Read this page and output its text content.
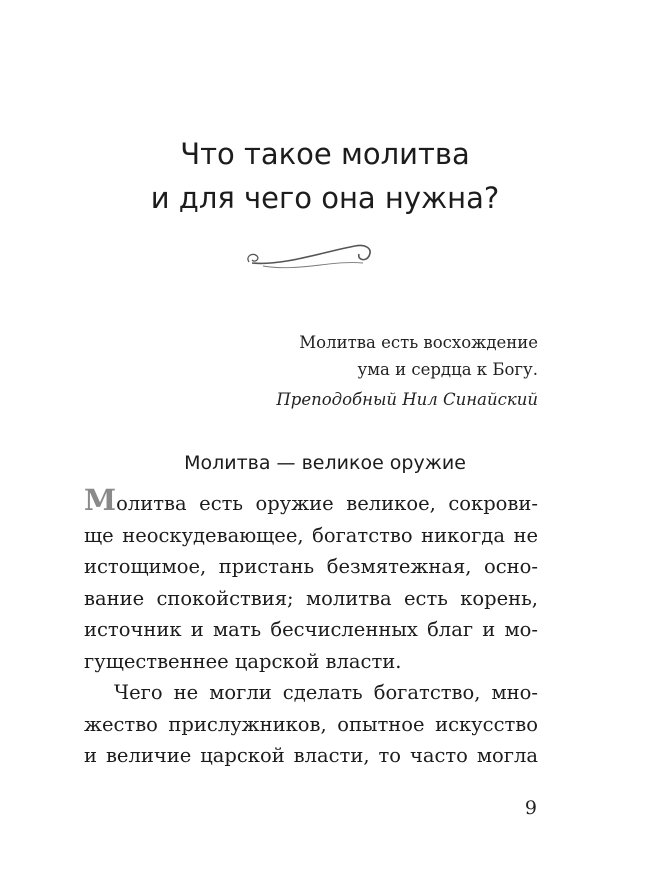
Что такое молитва
и для чего она нужна?
Молитва есть восхождение
ума и сердца к Богу.
Преподобный Нил Синайский
Молитва — великое оружие
Молитва есть оружие великое, сокрови-
ще неоскудевающее, богатство никогда не
истощимое, пристань безмятежная, осно-
вание спокойствия; молитва есть корень,
источник и мать бесчисленных благ и мо-
гущественнее царской власти.
Чего не могли сделать богатство, мно-
жество прислужников, опытное искусство
и величие царской власти, то часто могла
9
